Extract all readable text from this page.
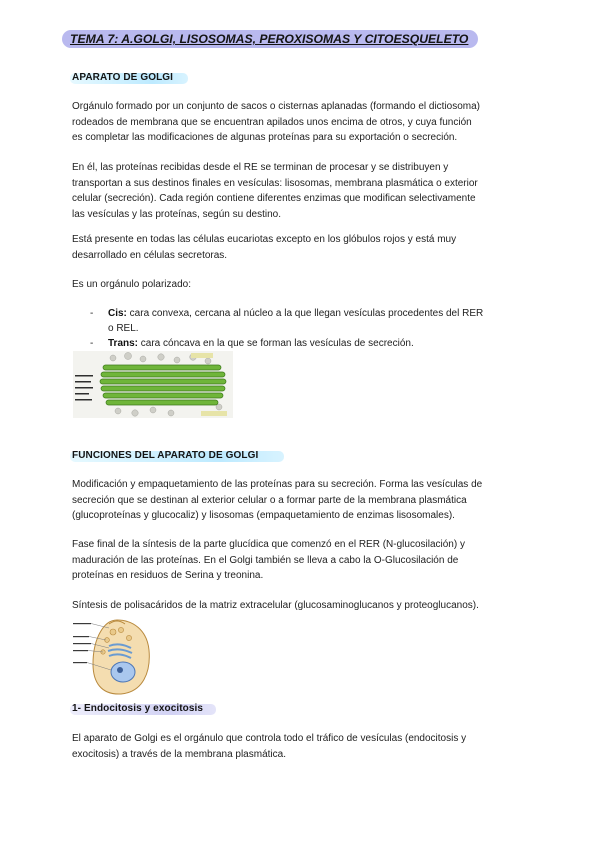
TEMA 7: A.GOLGI, LISOSOMAS, PEROXISOMAS Y CITOESQUELETO
APARATO DE GOLGI
Orgánulo formado por un conjunto de sacos o cisternas aplanadas (formando el dictiosoma)
rodeados de membrana que se encuentran apilados unos encima de otros, y cuya función
es completar las modificaciones de algunas proteínas para su exportación o secreción.
En él, las proteínas recibidas desde el RE se terminan de procesar y se distribuyen y
transportan a sus destinos finales en vesículas: lisosomas, membrana plasmática o exterior
celular (secreción). Cada región contiene diferentes enzimas que modifican selectivamente
las vesículas y las proteínas, según su destino.
Está presente en todas las células eucariotas excepto en los glóbulos rojos y está muy
desarrollado en células secretoras.
Es un orgánulo polarizado:
- Cis: cara convexa, cercana al núcleo a la que llegan vesículas procedentes del RER
o REL.
- Trans: cara cóncava en la que se forman las vesículas de secreción.
FUNCIONES DEL APARATO DE GOLGI
Modificación y empaquetamiento de las proteínas para su secreción. Forma las vesículas de
secreción que se destinan al exterior celular o a formar parte de la membrana plasmática
(glucoproteínas y glucocaliz) y lisosomas (empaquetamiento de enzimas lisosomales).
Fase final de la síntesis de la parte glucídica que comenzó en el RER (N-glucosilación) y
maduración de las proteínas. En el Golgi también se lleva a cabo la O-Glucosilación de
proteínas en residuos de Serina y treonina.
Síntesis de polisacáridos de la matriz extracelular (glucosaminoglucanos y proteoglucanos).
1- Endocitosis y exocitosis
El aparato de Golgi es el orgánulo que controla todo el tráfico de vesículas (endocitosis y
exocitosis) a través de la membrana plasmática.
